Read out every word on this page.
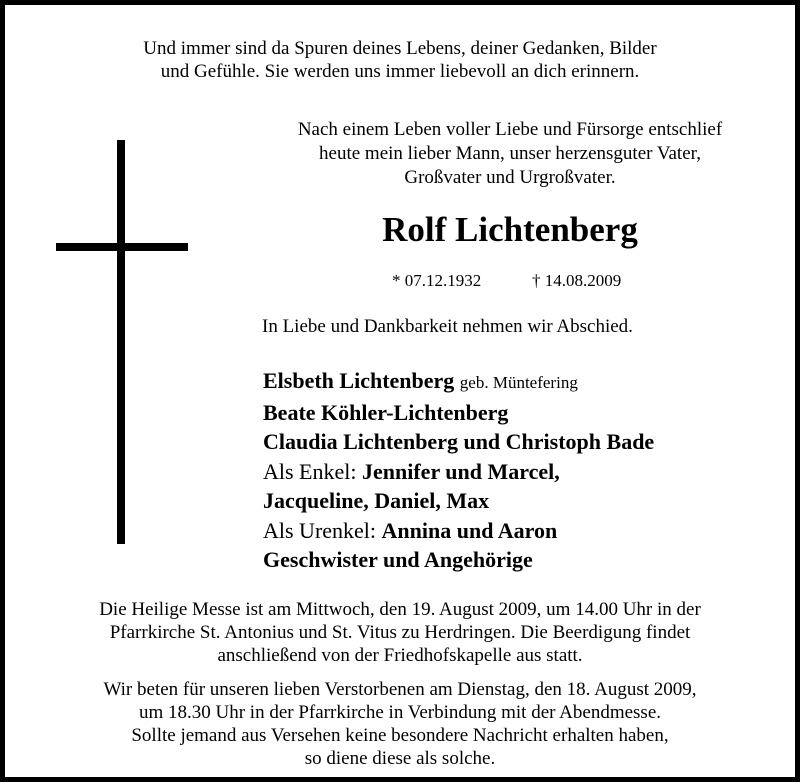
Und immer sind da Spuren deines Lebens, deiner Gedanken, Bilder
und Gefühle. Sie werden uns immer liebevoll an dich erinnern.
Nach einem Leben voller Liebe und Fürsorge entschlief
heute mein lieber Mann, unser herzensguter Vater,
Großvater und Urgroßvater.
Rolf Lichtenberg
* 07.12.1932	† 14.08.2009
In Liebe und Dankbarkeit nehmen wir Abschied.
Elsbeth Lichtenberg geb. Müntefering
Beate Köhler-Lichtenberg
Claudia Lichtenberg und Christoph Bade
Als Enkel: Jennifer und Marcel,
Jacqueline, Daniel, Max
Als Urenkel: Annina und Aaron
Geschwister und Angehörige
Die Heilige Messe ist am Mittwoch, den 19. August 2009, um 14.00 Uhr in der
Pfarrkirche St. Antonius und St. Vitus zu Herdringen. Die Beerdigung findet
anschließend von der Friedhofskapelle aus statt.
Wir beten für unseren lieben Verstorbenen am Dienstag, den 18. August 2009,
um 18.30 Uhr in der Pfarrkirche in Verbindung mit der Abendmesse.
Sollte jemand aus Versehen keine besondere Nachricht erhalten haben,
so diene diese als solche.
